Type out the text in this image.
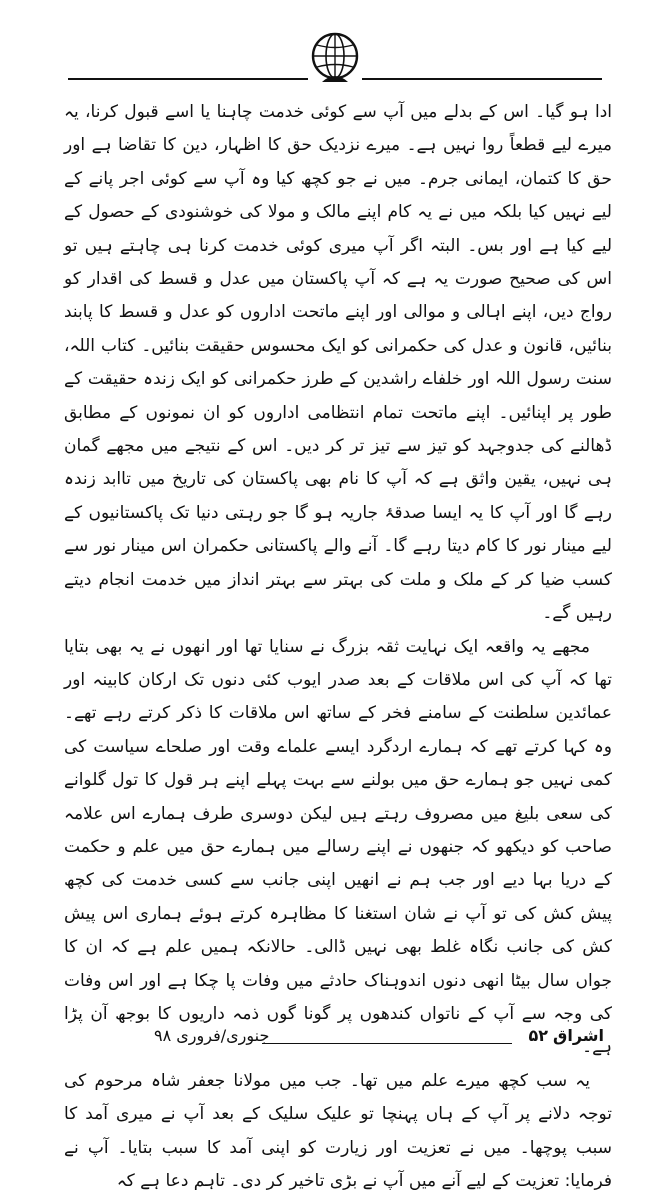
ادا ہو گیا۔ اس کے بدلے میں آپ سے کوئی خدمت چاہنا یا اسے قبول کرنا، یہ میرے لیے قطعاً روا نہیں ہے۔ میرے نزدیک حق کا اظہار، دین کا تقاضا ہے اور حق کا کتمان، ایمانی جرم۔ میں نے جو کچھ کیا وہ آپ سے کوئی اجر پانے کے لیے نہیں کیا بلکہ میں نے یہ کام اپنے مالک و مولا کی خوشنودی کے حصول کے لیے کیا ہے اور بس۔ البتہ اگر آپ میری کوئی خدمت کرنا ہی چاہتے ہیں تو اس کی صحیح صورت یہ ہے کہ آپ پاکستان میں عدل و قسط کی اقدار کو رواج دیں، اپنے اہالی و موالی اور اپنے ماتحت اداروں کو عدل و قسط کا پابند بنائیں، قانون و عدل کی حکمرانی کو ایک محسوس حقیقت بنائیں۔ کتاب اللہ، سنت رسول اللہ اور خلفاے راشدین کے طرز حکمرانی کو ایک زندہ حقیقت کے طور پر اپنائیں۔ اپنے ماتحت تمام انتظامی اداروں کو ان نمونوں کے مطابق ڈھالنے کی جدوجہد کو تیز سے تیز تر کر دیں۔ اس کے نتیجے میں مجھے گمان ہی نہیں، یقین واثق ہے کہ آپ کا نام بھی پاکستان کی تاریخ میں تاابد زندہ رہے گا اور آپ کا یہ ایسا صدقۂ جاریہ ہو گا جو رہتی دنیا تک پاکستانیوں کے لیے مینار نور کا کام دیتا رہے گا۔ آنے والے پاکستانی حکمران اس مینار نور سے کسب ضیا کر کے ملک و ملت کی بہتر سے بہتر انداز میں خدمت انجام دیتے رہیں گے۔

مجھے یہ واقعہ ایک نہایت ثقہ بزرگ نے سنایا تھا اور انھوں نے یہ بھی بتایا تھا کہ آپ کی اس ملاقات کے بعد صدر ایوب کئی دنوں تک ارکان کابینہ اور عمائدین سلطنت کے سامنے فخر کے ساتھ اس ملاقات کا ذکر کرتے رہے تھے۔ وہ کہا کرتے تھے کہ ہمارے اردگرد ایسے علماے وقت اور صلحاے سیاست کی کمی نہیں جو ہمارے حق میں بولنے سے بہت پہلے اپنے ہر قول کا تول گلوانے کی سعی بلیغ میں مصروف رہتے ہیں لیکن دوسری طرف ہمارے اس علامہ صاحب کو دیکھو کہ جنھوں نے اپنے رسالے میں ہمارے حق میں علم و حکمت کے دریا بہا دیے اور جب ہم نے انھیں اپنی جانب سے کسی خدمت کی کچھ پیش کش کی تو آپ نے شان استغنا کا مظاہرہ کرتے ہوئے ہماری اس پیش کش کی جانب نگاہ غلط بھی نہیں ڈالی۔ حالانکہ ہمیں علم ہے کہ ان کا جواں سال بیٹا انھی دنوں اندوہناک حادثے میں وفات پا چکا ہے اور اس وفات کی وجہ سے آپ کے ناتواں کندھوں پر گونا گوں ذمہ داریوں کا بوجھ آن پڑا ہے۔

یہ سب کچھ میرے علم میں تھا۔ جب میں مولانا جعفر شاہ مرحوم کی توجہ دلانے پر آپ کے ہاں پہنچا تو علیک سلیک کے بعد آپ نے میری آمد کا سبب پوچھا۔ میں نے تعزیت اور زیارت کو اپنی آمد کا سبب بتایا۔ آپ نے فرمایا: تعزیت کے لیے آنے میں آپ نے بڑی تاخیر کر دی۔ تاہم دعا ہے کہ

اشراق
۵۲
جنوری/فروری ۹۸
